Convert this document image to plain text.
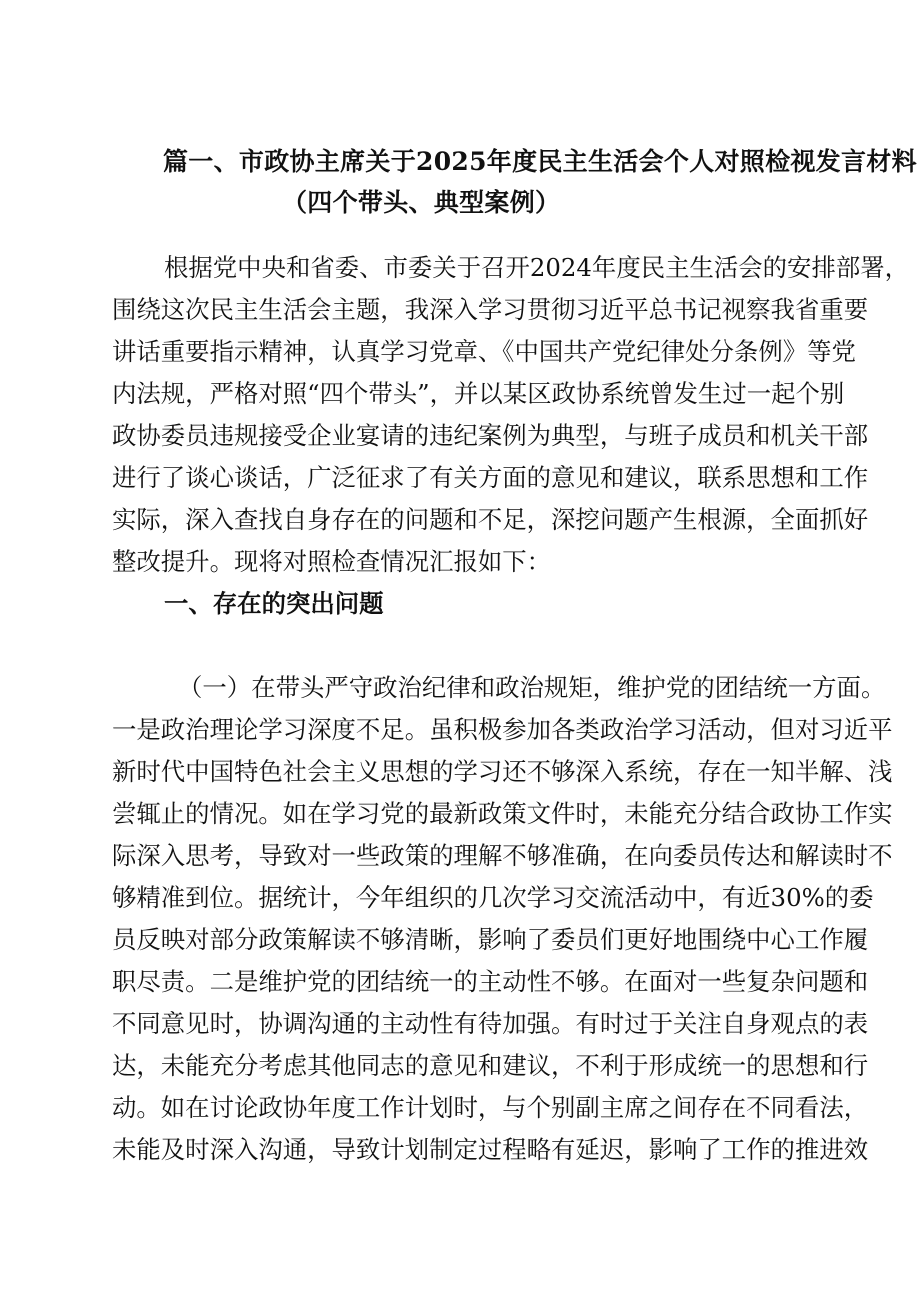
篇一、市政协主席关于2025年度民主生活会个人对照检视发言材料
（四个带头、典型案例）
根据党中央和省委、市委关于召开2024年度民主生活会的安排部署，
围绕这次民主生活会主题，我深入学习贯彻习近平总书记视察我省重要
讲话重要指示精神，认真学习党章、《中国共产党纪律处分条例》等党
内法规，严格对照“四个带头”，并以某区政协系统曾发生过一起个别
政协委员违规接受企业宴请的违纪案例为典型，与班子成员和机关干部
进行了谈心谈话，广泛征求了有关方面的意见和建议，联系思想和工作
实际，深入查找自身存在的问题和不足，深挖问题产生根源，全面抓好
整改提升。现将对照检查情况汇报如下：
一、存在的突出问题
（一）在带头严守政治纪律和政治规矩，维护党的团结统一方面。
一是政治理论学习深度不足。虽积极参加各类政治学习活动，但对习近平
新时代中国特色社会主义思想的学习还不够深入系统，存在一知半解、浅
尝辄止的情况。如在学习党的最新政策文件时，未能充分结合政协工作实
际深入思考，导致对一些政策的理解不够准确，在向委员传达和解读时不
够精准到位。据统计，今年组织的几次学习交流活动中，有近30%的委
员反映对部分政策解读不够清晰，影响了委员们更好地围绕中心工作履
职尽责。二是维护党的团结统一的主动性不够。在面对一些复杂问题和
不同意见时，协调沟通的主动性有待加强。有时过于关注自身观点的表
达，未能充分考虑其他同志的意见和建议，不利于形成统一的思想和行
动。如在讨论政协年度工作计划时，与个别副主席之间存在不同看法，
未能及时深入沟通，导致计划制定过程略有延迟，影响了工作的推进效
